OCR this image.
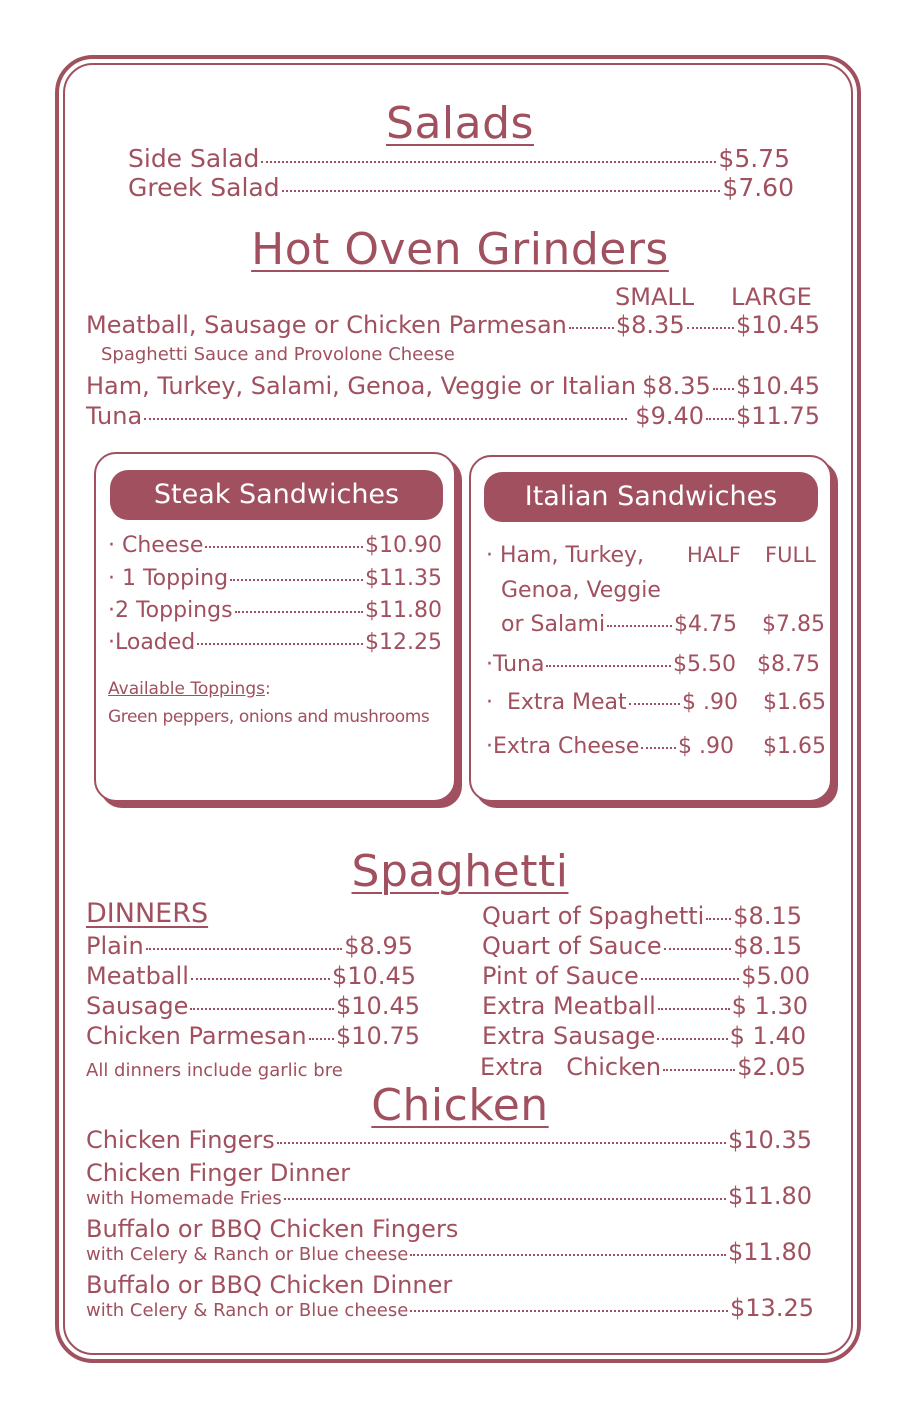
Salads
Side Salad	$5.75
Greek Salad	$7.60
Hot Oven Grinders
SMALL LARGE
Meatball, Sausage or Chicken Parmesan $8.35 $10.45
Spaghetti Sauce and Provolone Cheese
Ham, Turkey, Salami, Genoa, Veggie or Italian $8.35 $10.45
Tuna	$9.40 $11.75
Steak Sandwiches
· Cheese	$10.90
· 1 Topping	$11.35
·2 Toppings	$11.80
·Loaded	$12.25
Available Toppings:
Green peppers, onions and mushrooms
Italian Sandwiches
HALF FULL
· Ham, Turkey,
Genoa, Veggie
or Salami	$4.75 $7.85
·Tuna	$5.50 $8.75
·  Extra Meat	$ .90 $1.65
·Extra Cheese $ .90 $1.65
Spaghetti
DINNERS
Plain	$8.95
Meatball	$10.45
Sausage	$10.45
Chicken Parmesan $10.75
All dinners include garlic bre
Quart of Spaghetti $8.15
Quart of Sauce	$8.15
Pint of Sauce	$5.00
Extra Meatball	$ 1.30
Extra Sausage	$ 1.40
Extra   Chicken	$2.05
Chicken
Chicken Fingers	$10.35
Chicken Finger Dinner
with Homemade Fries	$11.80
Buffalo or BBQ Chicken Fingers
with Celery & Ranch or Blue cheese	$11.80
Buffalo or BBQ Chicken Dinner
with Celery & Ranch or Blue cheese	$13.25
